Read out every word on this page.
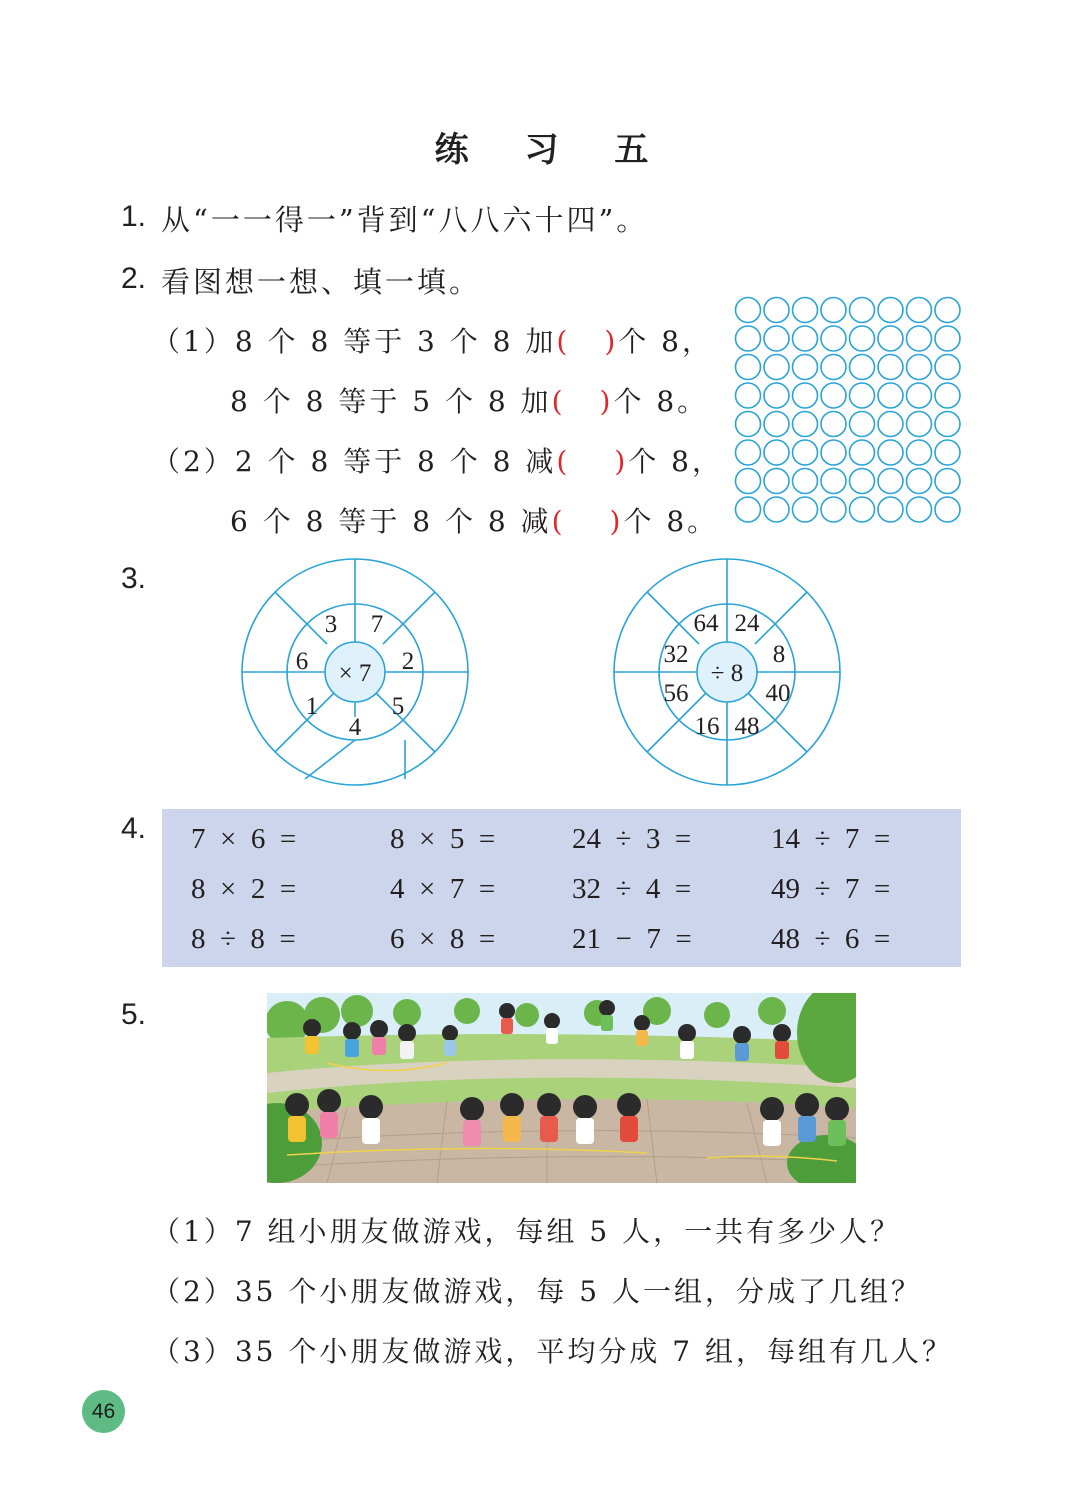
练 习 五
1. 从“一一得一”背到“八八六十四”。
2. 看图想一想、填一填。
（1）8 个 8 等于 3 个 8 加( )个 8，
8 个 8 等于 5 个 8 加( )个 8。
（2）2 个 8 等于 8 个 8 减( )个 8，
6 个 8 等于 8 个 8 减( )个 8。
3.
× 7
3 7
2
5
4
1
6	÷ 8
64 24
8
40
48
16
56
32
4. 7  ×  6  =	8  ×  5  =	24  ÷  3  =	14  ÷  7  =
8  ×  2  =	4  ×  7  =	32  ÷  4  =	49  ÷  7  =
8  ÷  8  =	6  ×  8  =	21  −  7  =	48  ÷  6  =
5.
（1）7 组小朋友做游戏，每组 5 人，一共有多少人？
（2）35 个小朋友做游戏，每 5 人一组，分成了几组？
（3）35 个小朋友做游戏，平均分成 7 组，每组有几人？
46
